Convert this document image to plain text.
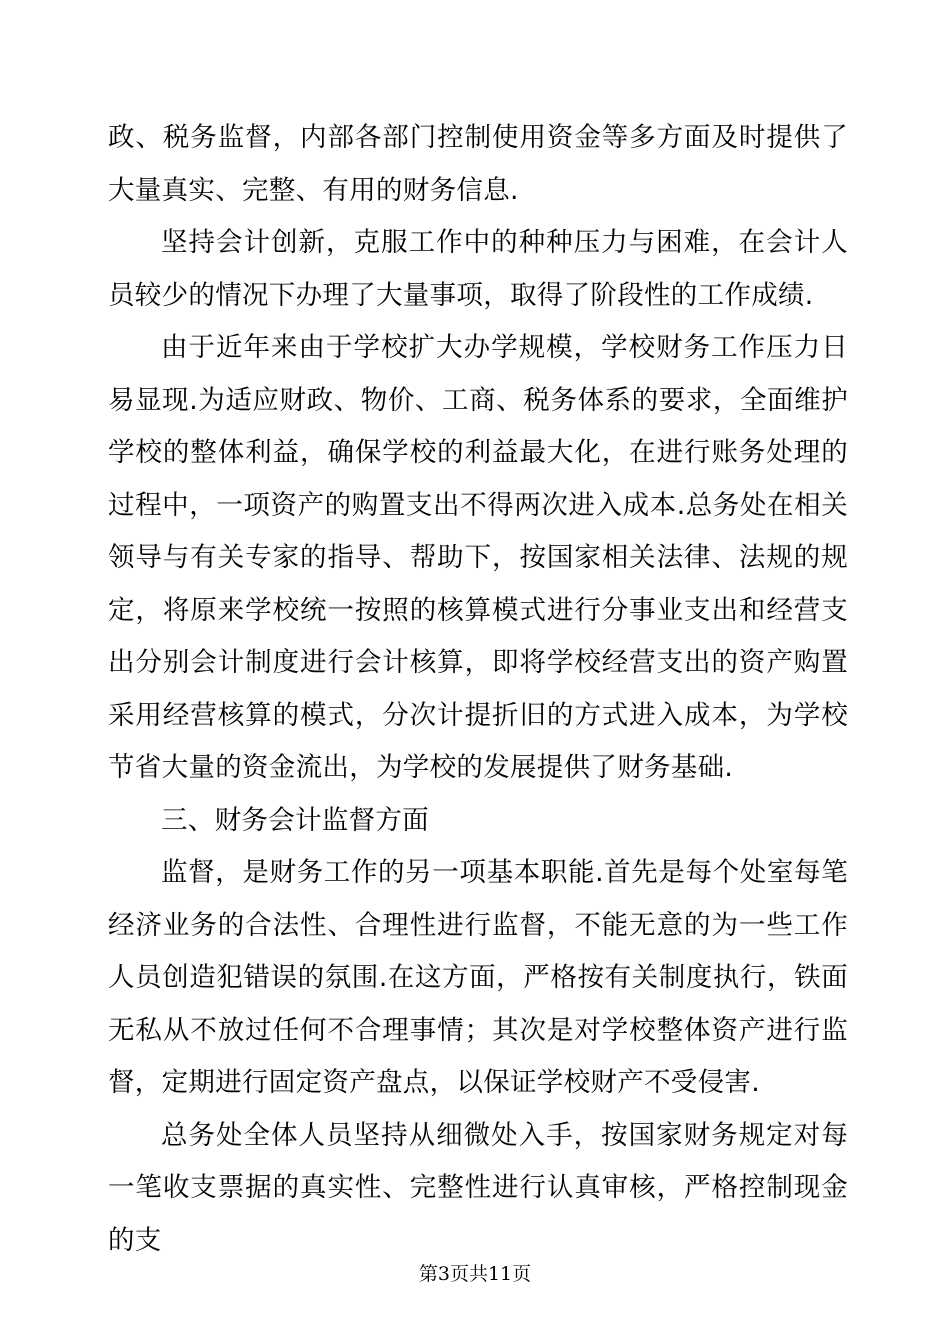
政、税务监督，内部各部门控制使用资金等多方面及时提供了大量真实、完整、有用的财务信息.

坚持会计创新，克服工作中的种种压力与困难，在会计人员较少的情况下办理了大量事项，取得了阶段性的工作成绩.

由于近年来由于学校扩大办学规模，学校财务工作压力日易显现.为适应财政、物价、工商、税务体系的要求，全面维护学校的整体利益，确保学校的利益最大化，在进行账务处理的过程中，一项资产的购置支出不得两次进入成本.总务处在相关领导与有关专家的指导、帮助下，按国家相关法律、法规的规定，将原来学校统一按照的核算模式进行分事业支出和经营支出分别会计制度进行会计核算，即将学校经营支出的资产购置采用经营核算的模式，分次计提折旧的方式进入成本，为学校节省大量的资金流出，为学校的发展提供了财务基础.

三、财务会计监督方面

监督，是财务工作的另一项基本职能.首先是每个处室每笔经济业务的合法性、合理性进行监督，不能无意的为一些工作人员创造犯错误的氛围.在这方面，严格按有关制度执行，铁面无私从不放过任何不合理事情；其次是对学校整体资产进行监督，定期进行固定资产盘点，以保证学校财产不受侵害.

总务处全体人员坚持从细微处入手，按国家财务规定对每一笔收支票据的真实性、完整性进行认真审核，严格控制现金的支

第3页共11页
